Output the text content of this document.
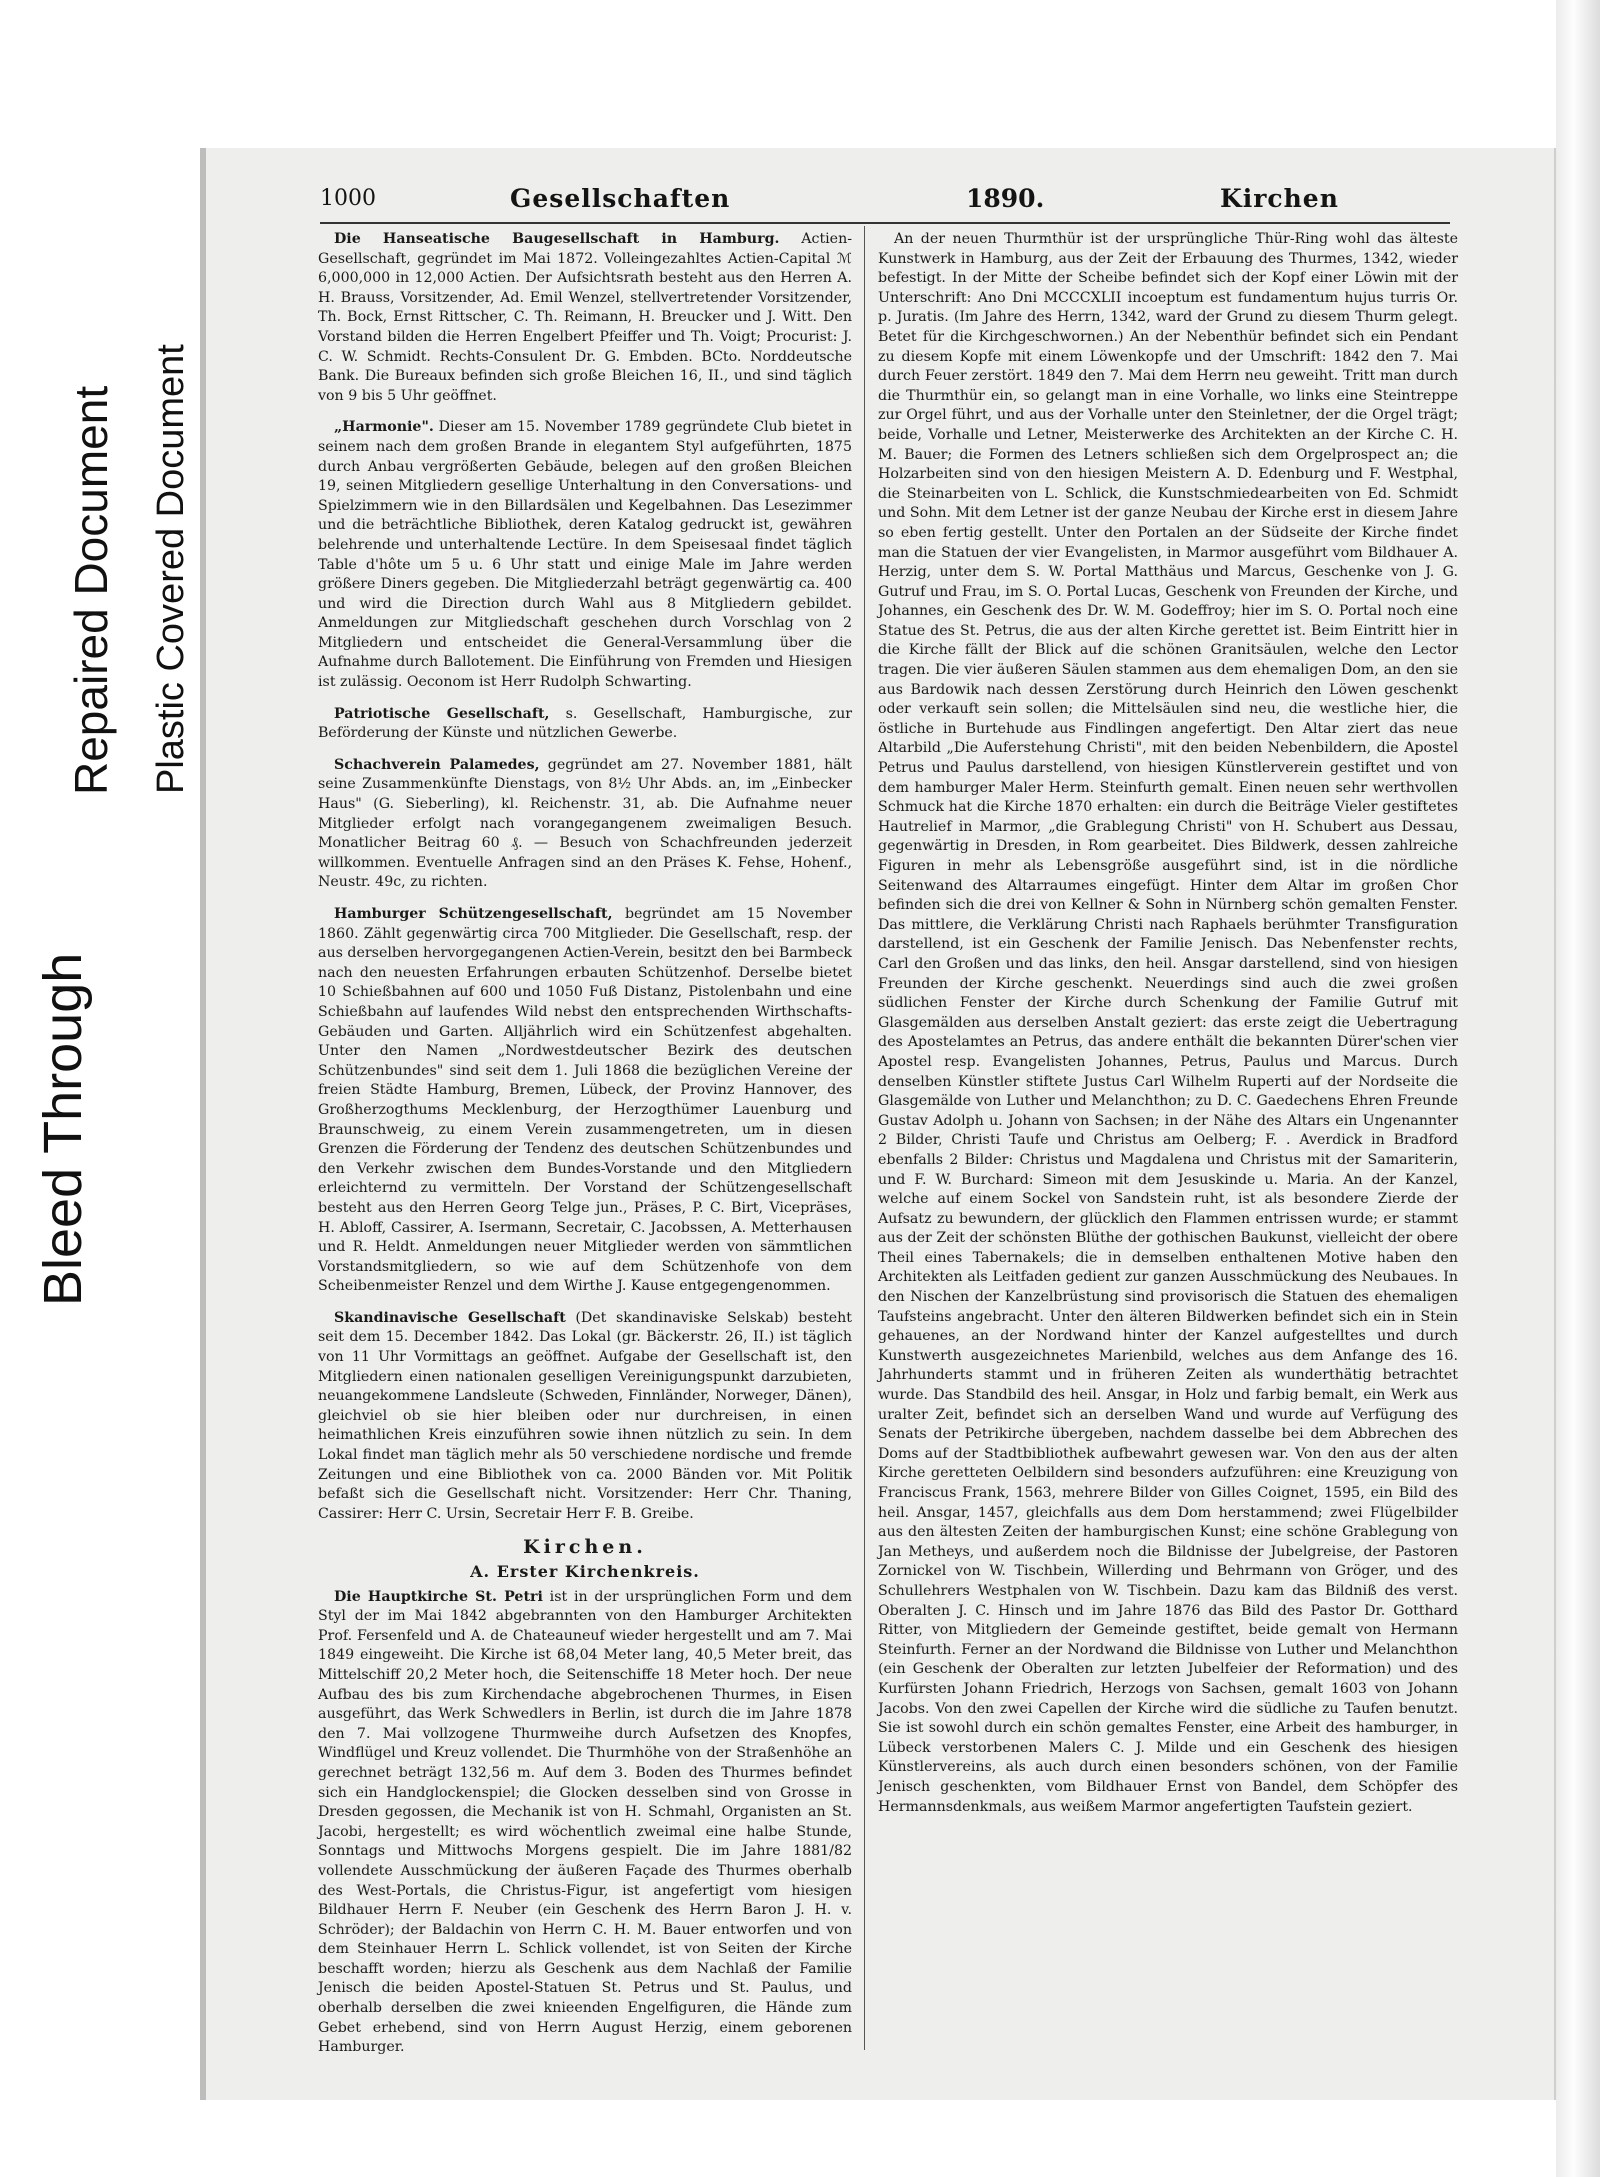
Bleed Through
Repaired Document Plastic Covered Document
1000	Gesellschaften	1890.	Kirchen

Die Hanseatische Baugesellschaft in Hamburg. Actien-Gesellschaft, gegründet im Mai 1872. Volleingezahltes Actien-Capital ℳ 6,000,000 in 12,000 Actien. Der Aufsichtsrath besteht aus den Herren A. H. Brauss, Vorsitzender, Ad. Emil Wenzel, stellvertretender Vorsitzender, Th. Bock, Ernst Rittscher, C. Th. Reimann, H. Breucker und J. Witt. Den Vorstand bilden die Herren Engelbert Pfeiffer und Th. Voigt; Procurist: J. C. W. Schmidt. Rechts-Consulent Dr. G. Embden. BCto. Norddeutsche Bank. Die Bureaux befinden sich große Bleichen 16, II., und sind täglich von 9 bis 5 Uhr geöffnet.

„Harmonie". Dieser am 15. November 1789 gegründete Club bietet in seinem nach dem großen Brande in elegantem Styl aufgeführten, 1875 durch Anbau vergrößerten Gebäude, belegen auf den großen Bleichen 19, seinen Mitgliedern gesellige Unterhaltung in den Conversations- und Spielzimmern wie in den Billardsälen und Kegelbahnen. Das Lesezimmer und die beträchtliche Bibliothek, deren Katalog gedruckt ist, gewähren belehrende und unterhaltende Lectüre. In dem Speisesaal findet täglich Table d'hôte um 5 u. 6 Uhr statt und einige Male im Jahre werden größere Diners gegeben. Die Mitgliederzahl beträgt gegenwärtig ca. 400 und wird die Direction durch Wahl aus 8 Mitgliedern gebildet. Anmeldungen zur Mitgliedschaft geschehen durch Vorschlag von 2 Mitgliedern und entscheidet die General-Versammlung über die Aufnahme durch Ballotement. Die Einführung von Fremden und Hiesigen ist zulässig. Oeconom ist Herr Rudolph Schwarting.

Patriotische Gesellschaft, s. Gesellschaft, Hamburgische, zur Beförderung der Künste und nützlichen Gewerbe.

Schachverein Palamedes, gegründet am 27. November 1881, hält seine Zusammenkünfte Dienstags, von 8½ Uhr Abds. an, im „Einbecker Haus" (G. Sieberling), kl. Reichenstr. 31, ab. Die Aufnahme neuer Mitglieder erfolgt nach vorangegangenem zweimaligen Besuch. Monatlicher Beitrag 60 ₰. — Besuch von Schachfreunden jederzeit willkommen. Eventuelle Anfragen sind an den Präses K. Fehse, Hohenf., Neustr. 49c, zu richten.

Hamburger Schützengesellschaft, begründet am 15 November 1860. Zählt gegenwärtig circa 700 Mitglieder. Die Gesellschaft, resp. der aus derselben hervorgegangenen Actien-Verein, besitzt den bei Barmbeck nach den neuesten Erfahrungen erbauten Schützenhof. Derselbe bietet 10 Schießbahnen auf 600 und 1050 Fuß Distanz, Pistolenbahn und eine Schießbahn auf laufendes Wild nebst den entsprechenden Wirthschafts-Gebäuden und Garten. Alljährlich wird ein Schützenfest abgehalten. Unter den Namen „Nordwestdeutscher Bezirk des deutschen Schützenbundes" sind seit dem 1. Juli 1868 die bezüglichen Vereine der freien Städte Hamburg, Bremen, Lübeck, der Provinz Hannover, des Großherzogthums Mecklenburg, der Herzogthümer Lauenburg und Braunschweig, zu einem Verein zusammengetreten, um in diesen Grenzen die Förderung der Tendenz des deutschen Schützenbundes und den Verkehr zwischen dem Bundes-Vorstande und den Mitgliedern erleichternd zu vermitteln. Der Vorstand der Schützengesellschaft besteht aus den Herren Georg Telge jun., Präses, P. C. Birt, Vicepräses, H. Abloff, Cassirer, A. Isermann, Secretair, C. Jacobssen, A. Metterhausen und R. Heldt. Anmeldungen neuer Mitglieder werden von sämmtlichen Vorstandsmitgliedern, so wie auf dem Schützenhofe von dem Scheibenmeister Renzel und dem Wirthe J. Kause entgegengenommen.

Skandinavische Gesellschaft (Det skandinaviske Selskab) besteht seit dem 15. December 1842. Das Lokal (gr. Bäckerstr. 26, II.) ist täglich von 11 Uhr Vormittags an geöffnet. Aufgabe der Gesellschaft ist, den Mitgliedern einen nationalen geselligen Vereinigungspunkt darzubieten, neuangekommene Landsleute (Schweden, Finnländer, Norweger, Dänen), gleichviel ob sie hier bleiben oder nur durchreisen, in einen heimathlichen Kreis einzuführen sowie ihnen nützlich zu sein. In dem Lokal findet man täglich mehr als 50 verschiedene nordische und fremde Zeitungen und eine Bibliothek von ca. 2000 Bänden vor. Mit Politik befaßt sich die Gesellschaft nicht. Vorsitzender: Herr Chr. Thaning, Cassirer: Herr C. Ursin, Secretair Herr F. B. Greibe.

Kirchen.
A. Erster Kirchenkreis.

Die Hauptkirche St. Petri ist in der ursprünglichen Form und dem Styl der im Mai 1842 abgebrannten von den Hamburger Architekten Prof. Fersenfeld und A. de Chateauneuf wieder hergestellt und am 7. Mai 1849 eingeweiht. Die Kirche ist 68,04 Meter lang, 40,5 Meter breit, das Mittelschiff 20,2 Meter hoch, die Seitenschiffe 18 Meter hoch. Der neue Aufbau des bis zum Kirchendache abgebrochenen Thurmes, in Eisen ausgeführt, das Werk Schwedlers in Berlin, ist durch die im Jahre 1878 den 7. Mai vollzogene Thurmweihe durch Aufsetzen des Knopfes, Windflügel und Kreuz vollendet. Die Thurmhöhe von der Straßenhöhe an gerechnet beträgt 132,56 m. Auf dem 3. Boden des Thurmes befindet sich ein Handglockenspiel; die Glocken desselben sind von Grosse in Dresden gegossen, die Mechanik ist von H. Schmahl, Organisten an St. Jacobi, hergestellt; es wird wöchentlich zweimal eine halbe Stunde, Sonntags und Mittwochs Morgens gespielt. Die im Jahre 1881/82 vollendete Ausschmückung der äußeren Façade des Thurmes oberhalb des West-Portals, die Christus-Figur, ist angefertigt vom hiesigen Bildhauer Herrn F. Neuber (ein Geschenk des Herrn Baron J. H. v. Schröder); der Baldachin von Herrn C. H. M. Bauer entworfen und von dem Steinhauer Herrn L. Schlick vollendet, ist von Seiten der Kirche beschafft worden; hierzu als Geschenk aus dem Nachlaß der Familie Jenisch die beiden Apostel-Statuen St. Petrus und St. Paulus, und oberhalb derselben die zwei knieenden Engelfiguren, die Hände zum Gebet erhebend, sind von Herrn August Herzig, einem geborenen Hamburger.

An der neuen Thurmthür ist der ursprüngliche Thür-Ring wohl das älteste Kunstwerk in Hamburg, aus der Zeit der Erbauung des Thurmes, 1342, wieder befestigt. In der Mitte der Scheibe befindet sich der Kopf einer Löwin mit der Unterschrift: Ano Dni MCCCXLII incoeptum est fundamentum hujus turris Or. p. Juratis. (Im Jahre des Herrn, 1342, ward der Grund zu diesem Thurm gelegt. Betet für die Kirchgeschwornen.) An der Nebenthür befindet sich ein Pendant zu diesem Kopfe mit einem Löwenkopfe und der Umschrift: 1842 den 7. Mai durch Feuer zerstört. 1849 den 7. Mai dem Herrn neu geweiht. Tritt man durch die Thurmthür ein, so gelangt man in eine Vorhalle, wo links eine Steintreppe zur Orgel führt, und aus der Vorhalle unter den Steinletner, der die Orgel trägt; beide, Vorhalle und Letner, Meisterwerke des Architekten an der Kirche C. H. M. Bauer; die Formen des Letners schließen sich dem Orgelprospect an; die Holzarbeiten sind von den hiesigen Meistern A. D. Edenburg und F. Westphal, die Steinarbeiten von L. Schlick, die Kunstschmiedearbeiten von Ed. Schmidt und Sohn. Mit dem Letner ist der ganze Neubau der Kirche erst in diesem Jahre so eben fertig gestellt. Unter den Portalen an der Südseite der Kirche findet man die Statuen der vier Evangelisten, in Marmor ausgeführt vom Bildhauer A. Herzig, unter dem S. W. Portal Matthäus und Marcus, Geschenke von J. G. Gutruf und Frau, im S. O. Portal Lucas, Geschenk von Freunden der Kirche, und Johannes, ein Geschenk des Dr. W. M. Godeffroy; hier im S. O. Portal noch eine Statue des St. Petrus, die aus der alten Kirche gerettet ist. Beim Eintritt hier in die Kirche fällt der Blick auf die schönen Granitsäulen, welche den Lector tragen. Die vier äußeren Säulen stammen aus dem ehemaligen Dom, an den sie aus Bardowik nach dessen Zerstörung durch Heinrich den Löwen geschenkt oder verkauft sein sollen; die Mittelsäulen sind neu, die westliche hier, die östliche in Burtehude aus Findlingen angefertigt. Den Altar ziert das neue Altarbild „Die Auferstehung Christi", mit den beiden Nebenbildern, die Apostel Petrus und Paulus darstellend, von hiesigen Künstlerverein gestiftet und von dem hamburger Maler Herm. Steinfurth gemalt. Einen neuen sehr werthvollen Schmuck hat die Kirche 1870 erhalten: ein durch die Beiträge Vieler gestiftetes Hautrelief in Marmor, „die Grablegung Christi" von H. Schubert aus Dessau, gegenwärtig in Dresden, in Rom gearbeitet. Dies Bildwerk, dessen zahlreiche Figuren in mehr als Lebensgröße ausgeführt sind, ist in die nördliche Seitenwand des Altarraumes eingefügt. Hinter dem Altar im großen Chor befinden sich die drei von Kellner & Sohn in Nürnberg schön gemalten Fenster. Das mittlere, die Verklärung Christi nach Raphaels berühmter Transfiguration darstellend, ist ein Geschenk der Familie Jenisch. Das Nebenfenster rechts, Carl den Großen und das links, den heil. Ansgar darstellend, sind von hiesigen Freunden der Kirche geschenkt. Neuerdings sind auch die zwei großen südlichen Fenster der Kirche durch Schenkung der Familie Gutruf mit Glasgemälden aus derselben Anstalt geziert: das erste zeigt die Uebertragung des Apostelamtes an Petrus, das andere enthält die bekannten Dürer'schen vier Apostel resp. Evangelisten Johannes, Petrus, Paulus und Marcus. Durch denselben Künstler stiftete Justus Carl Wilhelm Ruperti auf der Nordseite die Glasgemälde von Luther und Melanchthon; zu D. C. Gaedechens Ehren Freunde Gustav Adolph u. Johann von Sachsen; in der Nähe des Altars ein Ungenannter 2 Bilder, Christi Taufe und Christus am Oelberg; F. . Averdick in Bradford ebenfalls 2 Bilder: Christus und Magdalena und Christus mit der Samariterin, und F. W. Burchard: Simeon mit dem Jesuskinde u. Maria. An der Kanzel, welche auf einem Sockel von Sandstein ruht, ist als besondere Zierde der Aufsatz zu bewundern, der glücklich den Flammen entrissen wurde; er stammt aus der Zeit der schönsten Blüthe der gothischen Baukunst, vielleicht der obere Theil eines Tabernakels; die in demselben enthaltenen Motive haben den Architekten als Leitfaden gedient zur ganzen Ausschmückung des Neubaues. In den Nischen der Kanzelbrüstung sind provisorisch die Statuen des ehemaligen Taufsteins angebracht. Unter den älteren Bildwerken befindet sich ein in Stein gehauenes, an der Nordwand hinter der Kanzel aufgestelltes und durch Kunstwerth ausgezeichnetes Marienbild, welches aus dem Anfange des 16. Jahrhunderts stammt und in früheren Zeiten als wunderthätig betrachtet wurde. Das Standbild des heil. Ansgar, in Holz und farbig bemalt, ein Werk aus uralter Zeit, befindet sich an derselben Wand und wurde auf Verfügung des Senats der Petrikirche übergeben, nachdem dasselbe bei dem Abbrechen des Doms auf der Stadtbibliothek aufbewahrt gewesen war. Von den aus der alten Kirche geretteten Oelbildern sind besonders aufzuführen: eine Kreuzigung von Franciscus Frank, 1563, mehrere Bilder von Gilles Coignet, 1595, ein Bild des heil. Ansgar, 1457, gleichfalls aus dem Dom herstammend; zwei Flügelbilder aus den ältesten Zeiten der hamburgischen Kunst; eine schöne Grablegung von Jan Metheys, und außerdem noch die Bildnisse der Jubelgreise, der Pastoren Zornickel von W. Tischbein, Willerding und Behrmann von Gröger, und des Schullehrers Westphalen von W. Tischbein. Dazu kam das Bildniß des verst. Oberalten J. C. Hinsch und im Jahre 1876 das Bild des Pastor Dr. Gotthard Ritter, von Mitgliedern der Gemeinde gestiftet, beide gemalt von Hermann Steinfurth. Ferner an der Nordwand die Bildnisse von Luther und Melanchthon (ein Geschenk der Oberalten zur letzten Jubelfeier der Reformation) und des Kurfürsten Johann Friedrich, Herzogs von Sachsen, gemalt 1603 von Johann Jacobs. Von den zwei Capellen der Kirche wird die südliche zu Taufen benutzt. Sie ist sowohl durch ein schön gemaltes Fenster, eine Arbeit des hamburger, in Lübeck verstorbenen Malers C. J. Milde und ein Geschenk des hiesigen Künstlervereins, als auch durch einen besonders schönen, von der Familie Jenisch geschenkten, vom Bildhauer Ernst von Bandel, dem Schöpfer des Hermannsdenkmals, aus weißem Marmor angefertigten Taufstein geziert.
